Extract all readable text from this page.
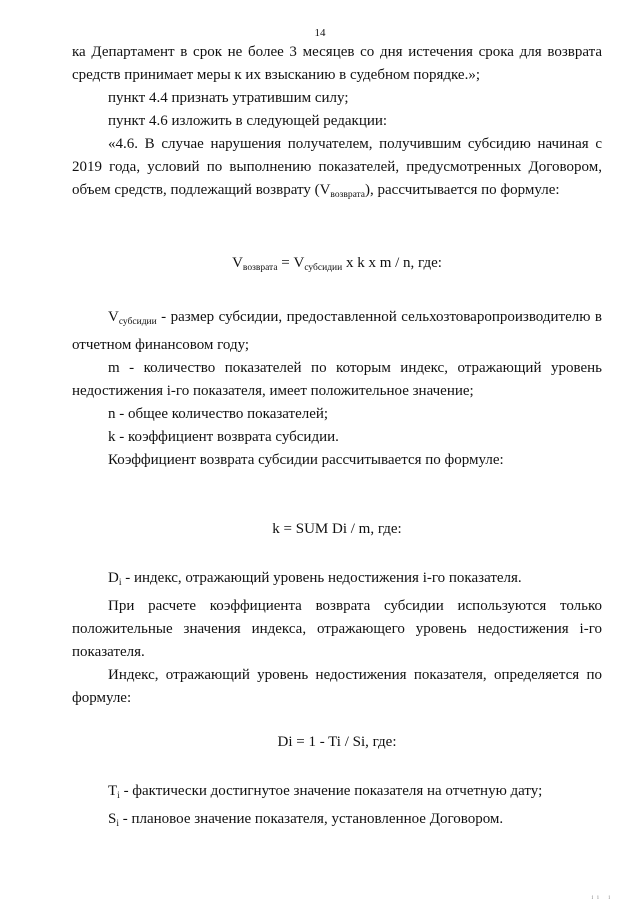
14

ка Департамент в срок не более 3 месяцев со дня истечения срока для возврата средств принимает меры к их взысканию в судебном порядке.»;

пункт 4.4 признать утратившим силу;

пункт 4.6 изложить в следующей редакции:

«4.6. В случае нарушения получателем, получившим субсидию начиная с 2019 года, условий по выполнению показателей, предусмотренных Договором, объем средств, подлежащий возврату $(V_{возврата})$, рассчитывается по формуле:

$V_{возврата} = V_{субсидии}$ x k x m / n, где:

$V_{субсидии}$ - размер субсидии, предоставленной сельхозтоваропроизводителю в отчетном финансовом году;

m - количество показателей по которым индекс, отражающий уровень недостижения i-го показателя, имеет положительное значение;

n - общее количество показателей;

k - коэффициент возврата субсидии.

Коэффициент возврата субсидии рассчитывается по формуле:

k = SUM Di / m, где:

$D_i$ - индекс, отражающий уровень недостижения i-го показателя.

При расчете коэффициента возврата субсидии используются только положительные значения индекса, отражающего уровень недостижения i-го показателя.

Индекс, отражающий уровень недостижения показателя, определяется по формуле:

Di = 1 - Ti / Si, где:

$T_i$ - фактически достигнутое значение показателя на отчетную дату;

$S_i$ - плановое значение показателя, установленное Договором.

ii i
